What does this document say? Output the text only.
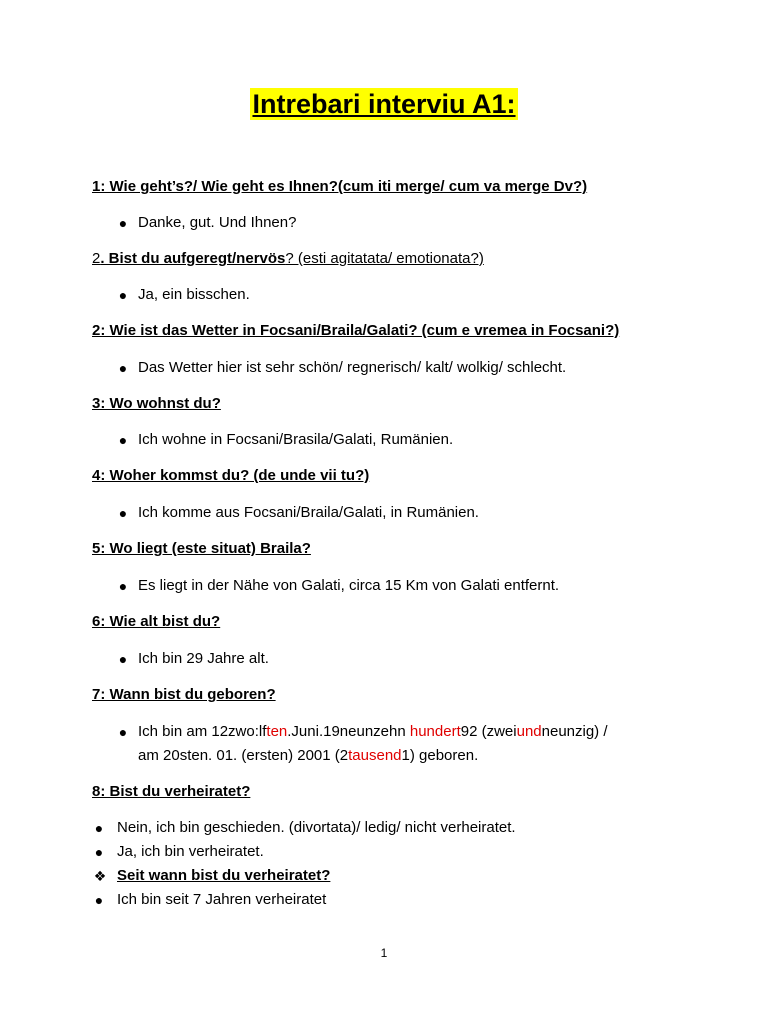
Intrebari interviu A1:
1: Wie geht’s?/ Wie geht es Ihnen?(cum iti merge/ cum va merge Dv?)
● Danke, gut. Und Ihnen?
2. Bist du aufgeregt/nervös? (esti agitatata/ emotionata?)
● Ja, ein bisschen.
2: Wie ist das Wetter in Focsani/Braila/Galati? (cum e vremea in Focsani?)
● Das Wetter hier ist sehr schön/ regnerisch/ kalt/ wolkig/ schlecht.
3: Wo wohnst du?
● Ich wohne in Focsani/Brasila/Galati, Rumänien.
4: Woher kommst du? (de unde vii tu?)
● Ich komme aus Focsani/Braila/Galati, in Rumänien.
5: Wo liegt (este situat) Braila?
● Es liegt in der Nähe von Galati, circa 15 Km von Galati entfernt.
6: Wie alt bist du?
● Ich bin 29 Jahre alt.
7: Wann bist du geboren?
● Ich bin am 12zwo:lften.Juni.19neunzehn hundert92 (zweiundneunzig) /
am 20sten. 01. (ersten) 2001 (2tausend1) geboren.
8: Bist du verheiratet?
● Nein, ich bin geschieden. (divortata)/ ledig/ nicht verheiratet.
● Ja, ich bin verheiratet.
❖ Seit wann bist du verheiratet?
● Ich bin seit 7 Jahren verheiratet
1
